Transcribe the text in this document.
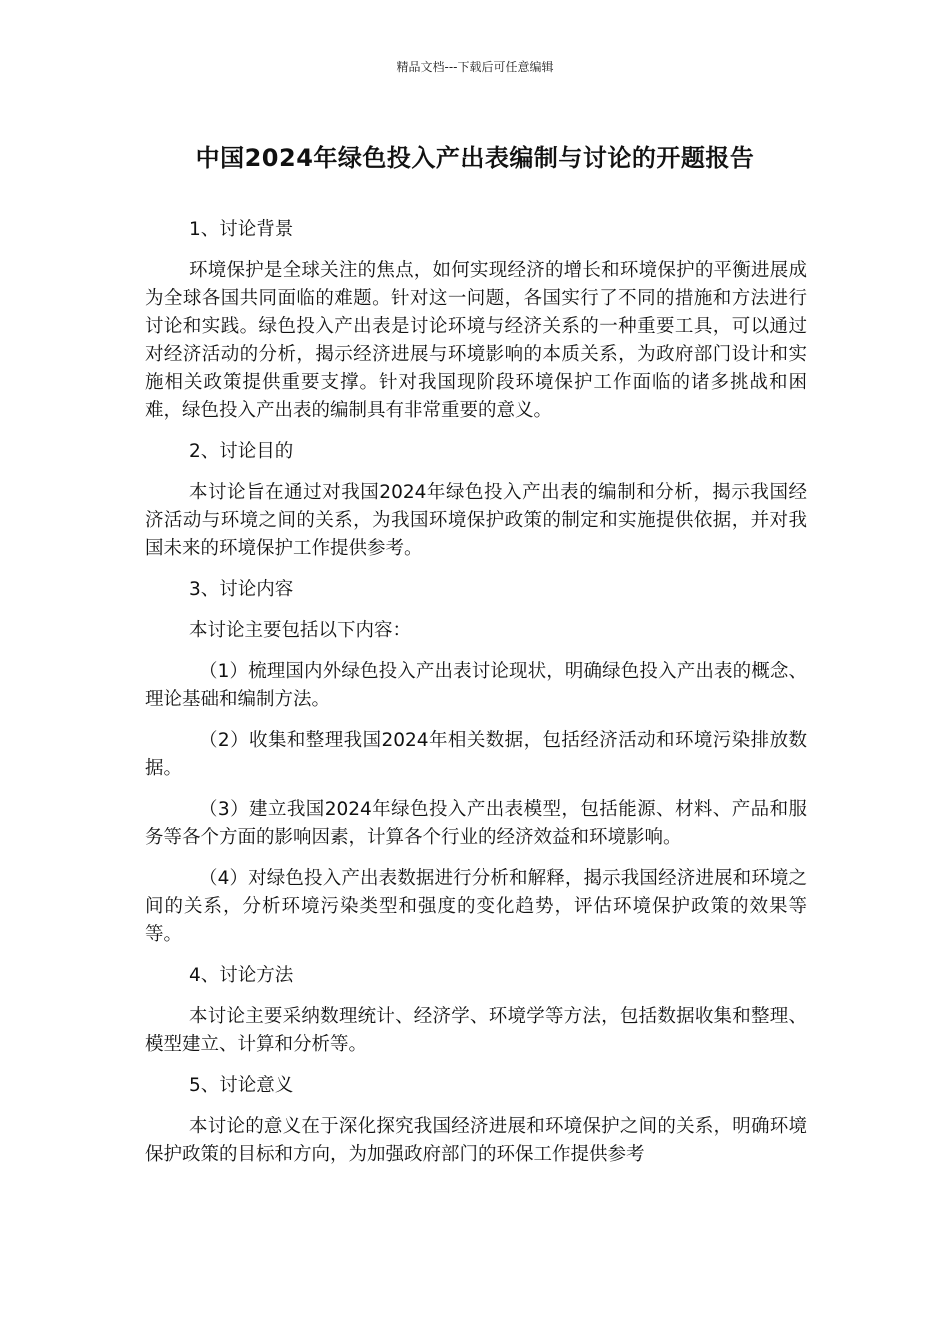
精品文档---下载后可任意编辑
中国2024年绿色投入产出表编制与讨论的开题报告
1、讨论背景
环境保护是全球关注的焦点，如何实现经济的增长和环境保护的平衡进展成为全球各国共同面临的难题。针对这一问题，各国实行了不同的措施和方法进行讨论和实践。绿色投入产出表是讨论环境与经济关系的一种重要工具，可以通过对经济活动的分析，揭示经济进展与环境影响的本质关系，为政府部门设计和实施相关政策提供重要支撑。针对我国现阶段环境保护工作面临的诸多挑战和困难，绿色投入产出表的编制具有非常重要的意义。
2、讨论目的
本讨论旨在通过对我国2024年绿色投入产出表的编制和分析，揭示我国经济活动与环境之间的关系，为我国环境保护政策的制定和实施提供依据，并对我国未来的环境保护工作提供参考。
3、讨论内容
本讨论主要包括以下内容：
（1）梳理国内外绿色投入产出表讨论现状，明确绿色投入产出表的概念、理论基础和编制方法。
（2）收集和整理我国2024年相关数据，包括经济活动和环境污染排放数据。
（3）建立我国2024年绿色投入产出表模型，包括能源、材料、产品和服务等各个方面的影响因素，计算各个行业的经济效益和环境影响。
（4）对绿色投入产出表数据进行分析和解释，揭示我国经济进展和环境之间的关系，分析环境污染类型和强度的变化趋势，评估环境保护政策的效果等等。
4、讨论方法
本讨论主要采纳数理统计、经济学、环境学等方法，包括数据收集和整理、模型建立、计算和分析等。
5、讨论意义
本讨论的意义在于深化探究我国经济进展和环境保护之间的关系，明确环境保护政策的目标和方向，为加强政府部门的环保工作提供参考
